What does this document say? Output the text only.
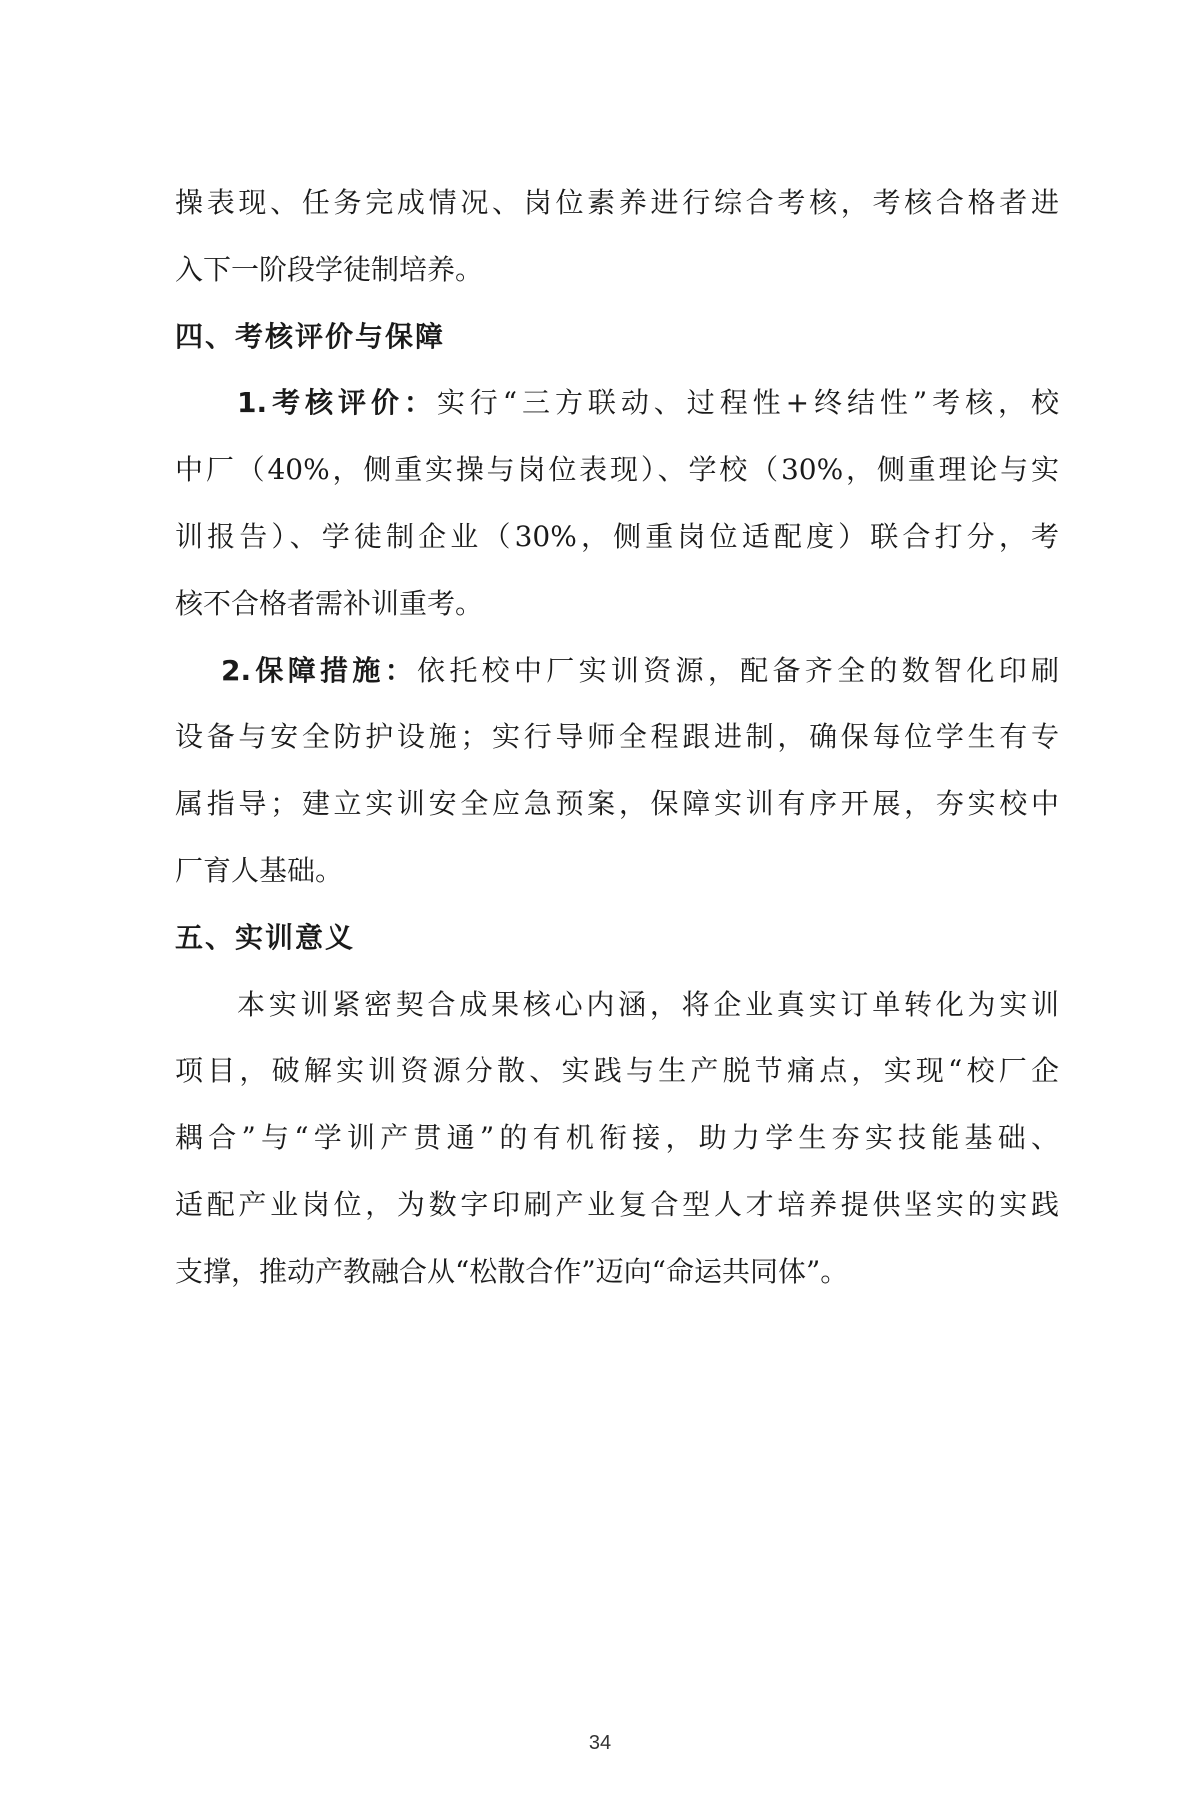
操表现、任务完成情况、岗位素养进行综合考核，考核合格者进
入下一阶段学徒制培养。
四、考核评价与保障
1.考核评价：实行“三方联动、过程性+终结性”考核，校
中厂（40%，侧重实操与岗位表现）、学校（30%，侧重理论与实
训报告）、学徒制企业（30%，侧重岗位适配度）联合打分，考
核不合格者需补训重考。
2.保障措施：依托校中厂实训资源，配备齐全的数智化印刷
设备与安全防护设施；实行导师全程跟进制，确保每位学生有专
属指导；建立实训安全应急预案，保障实训有序开展，夯实校中
厂育人基础。
五、实训意义
本实训紧密契合成果核心内涵，将企业真实订单转化为实训
项目，破解实训资源分散、实践与生产脱节痛点，实现“校厂企
耦合”与“学训产贯通”的有机衔接，助力学生夯实技能基础、
适配产业岗位，为数字印刷产业复合型人才培养提供坚实的实践
支撑，推动产教融合从“松散合作”迈向“命运共同体”。
34
